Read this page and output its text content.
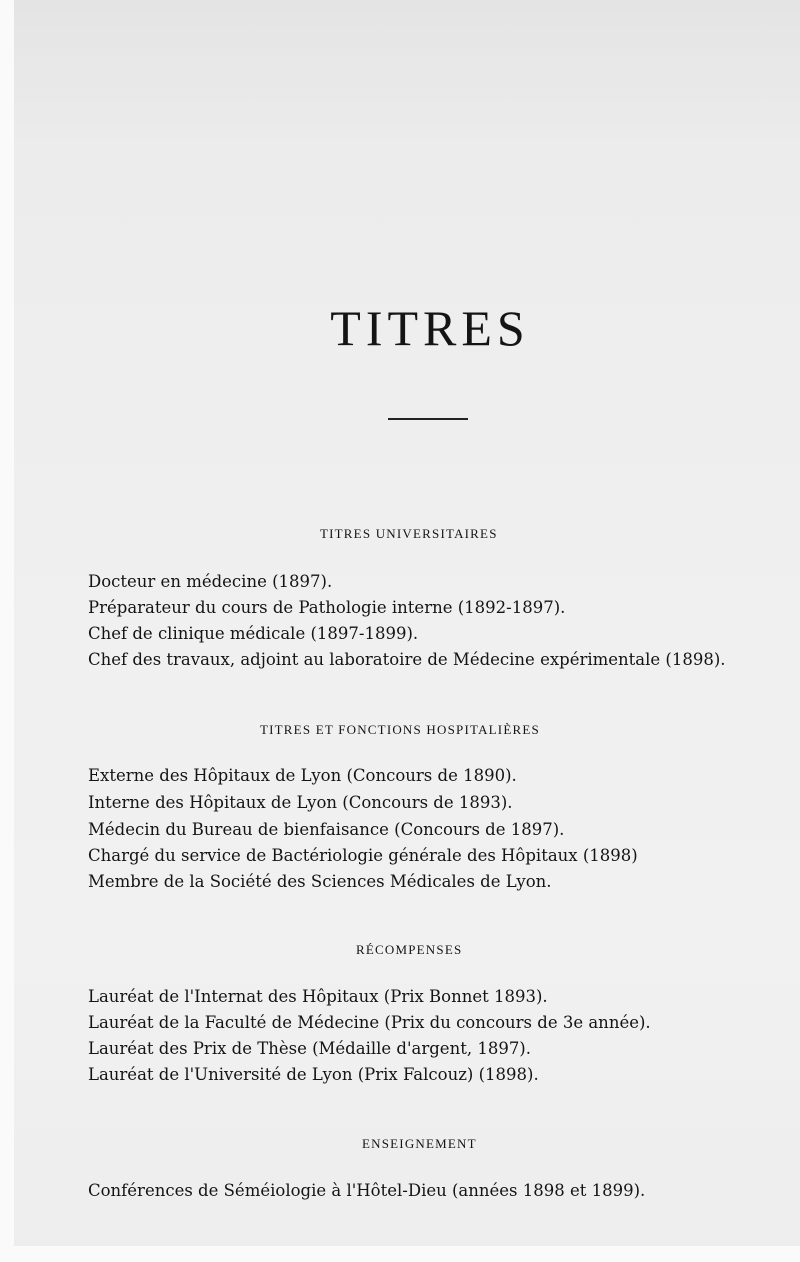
TITRES
TITRES UNIVERSITAIRES
Docteur en médecine (1897).
Préparateur du cours de Pathologie interne (1892-1897).
Chef de clinique médicale (1897-1899).
Chef des travaux, adjoint au laboratoire de Médecine expérimentale (1898).
TITRES ET FONCTIONS HOSPITALIÈRES
Externe des Hôpitaux de Lyon (Concours de 1890).
Interne des Hôpitaux de Lyon (Concours de 1893).
Médecin du Bureau de bienfaisance (Concours de 1897).
Chargé du service de Bactériologie générale des Hôpitaux (1898)
Membre de la Société des Sciences Médicales de Lyon.
RÉCOMPENSES
Lauréat de l'Internat des Hôpitaux (Prix Bonnet 1893).
Lauréat de la Faculté de Médecine (Prix du concours de 3e année).
Lauréat des Prix de Thèse (Médaille d'argent, 1897).
Lauréat de l'Université de Lyon (Prix Falcouz) (1898).
ENSEIGNEMENT
Conférences de Séméiologie à l'Hôtel-Dieu (années 1898 et 1899).
